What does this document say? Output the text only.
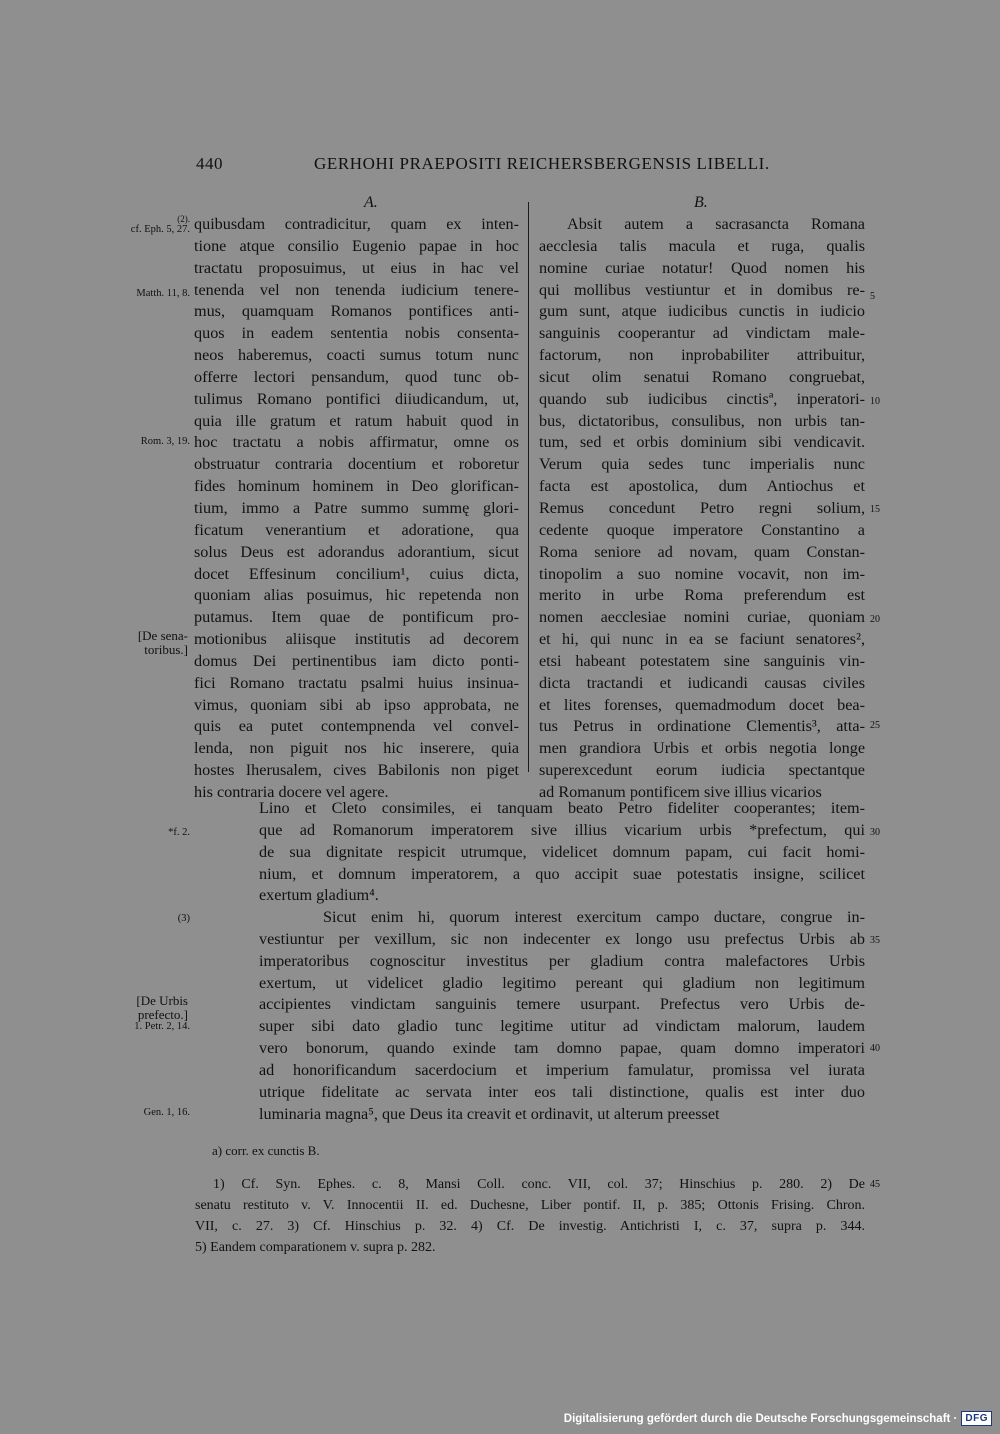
440	GERHOHI PRAEPOSITI REICHERSBERGENSIS LIBELLI.
A.	B.
quibusdam contradicitur, quam ex inten-
tione atque consilio Eugenio papae in hoc
tractatu proposuimus, ut eius in hac vel
tenenda vel non tenenda iudicium tenere-
mus, quamquam Romanos pontifices anti-
quos in eadem sententia nobis consenta-
neos haberemus, coacti sumus totum nunc
offerre lectori pensandum, quod tunc ob-
tulimus Romano pontifici diiudicandum, ut,
quia ille gratum et ratum habuit quod in
hoc tractatu a nobis affirmatur, omne os
obstruatur contraria docentium et roboretur
fides hominum hominem in Deo glorifican-
tium, immo a Patre summo summę glori-
ficatum venerantium et adoratione, qua
solus Deus est adorandus adorantium, sicut
docet Effesinum concilium¹, cuius dicta,
quoniam alias posuimus, hic repetenda non
putamus. Item quae de pontificum pro-
motionibus aliisque institutis ad decorem
domus Dei pertinentibus iam dicto ponti-
fici Romano tractatu psalmi huius insinua-
vimus, quoniam sibi ab ipso approbata, ne
quis ea putet contempnenda vel convel-
lenda, non piguit nos hic inserere, quia
hostes Iherusalem, cives Babilonis non piget
his contraria docere vel agere.
Absit autem a sacrasancta Romana
aecclesia talis macula et ruga, qualis
nomine curiae notatur! Quod nomen his
qui mollibus vestiuntur et in domibus re-
gum sunt, atque iudicibus cunctis in iudicio
sanguinis cooperantur ad vindictam male-
factorum, non inprobabiliter attribuitur,
sicut olim senatui Romano congruebat,
quando sub iudicibus cinctisª, inperatori-
bus, dictatoribus, consulibus, non urbis tan-
tum, sed et orbis dominium sibi vendicavit.
Verum quia sedes tunc imperialis nunc
facta est apostolica, dum Antiochus et
Remus concedunt Petro regni solium,
cedente quoque imperatore Constantino a
Roma seniore ad novam, quam Constan-
tinopolim a suo nomine vocavit, non im-
merito in urbe Roma preferendum est
nomen aecclesiae nomini curiae, quoniam
et hi, qui nunc in ea se faciunt senatores²,
etsi habeant potestatem sine sanguinis vin-
dicta tractandi et iudicandi causas civiles
et lites forenses, quemadmodum docet bea-
tus Petrus in ordinatione Clementis³, atta-
men grandiora Urbis et orbis negotia longe
superexcedunt eorum iudicia spectantque
ad Romanum pontificem sive illius vicarios
Lino et Cleto consimiles, ei tanquam beato Petro fideliter cooperantes; item-
que ad Romanorum imperatorem sive illius vicarium urbis *prefectum, qui
de sua dignitate respicit utrumque, videlicet domnum papam, cui facit homi-
nium, et domnum imperatorem, a quo accipit suae potestatis insigne, scilicet
exertum gladium⁴.
Sicut enim hi, quorum interest exercitum campo ductare, congrue in-
vestiuntur per vexillum, sic non indecenter ex longo usu prefectus Urbis ab
imperatoribus cognoscitur investitus per gladium contra malefactores Urbis
exertum, ut videlicet gladio legitimo pereant qui gladium non legitimum
accipientes vindictam sanguinis temere usurpant. Prefectus vero Urbis de-
super sibi dato gladio tunc legitime utitur ad vindictam malorum, laudem
vero bonorum, quando exinde tam domno papae, quam domno imperatori
ad honorificandum sacerdocium et imperium famulatur, promissa vel iurata
utrique fidelitate ac servata inter eos tali distinctione, qualis est inter duo
luminaria magna⁵, que Deus ita creavit et ordinavit, ut alterum preesset
(2).
cf. Eph. 5, 27.
Matth. 11, 8.
Rom. 3, 19.
[De sena-
toribus.]
*f. 2.
(3)
[De Urbis
prefecto.]
1. Petr. 2, 14.
Gen. 1, 16.
5
10
15
20
25
30
35
40
45
a) corr. ex cunctis B.
1) Cf. Syn. Ephes. c. 8, Mansi Coll. conc. VII, col. 37; Hinschius p. 280. 2) De
senatu restituto v. V. Innocentii II. ed. Duchesne, Liber pontif. II, p. 385; Ottonis Frising. Chron.
VII, c. 27. 3) Cf. Hinschius p. 32. 4) Cf. De investig. Antichristi I, c. 37, supra p. 344.
5) Eandem comparationem v. supra p. 282.
Digitalisierung gefördert durch die Deutsche Forschungsgemeinschaft · DFG
